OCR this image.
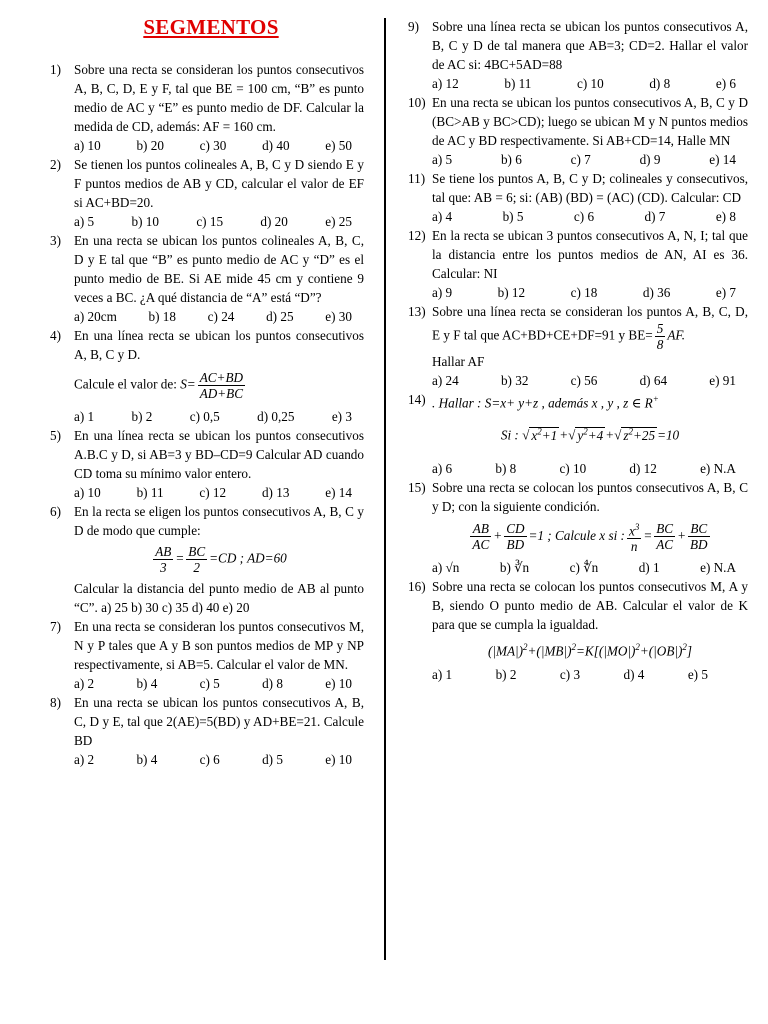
SEGMENTOS
1) Sobre una recta se consideran los puntos consecutivos A, B, C, D, E y F, tal que BE = 100 cm, “B” es punto medio de AC y “E” es punto medio de DF. Calcular la medida de CD, además: AF = 160 cm.

a) 10	b) 20	c) 30	d) 40	e) 50
2) Se tienen los puntos colineales A, B, C y D siendo E y F puntos medios de AB y CD, calcular el valor de EF si AC+BD=20.

a) 5	b) 10	c) 15	d) 20	e) 25
3) En una recta se ubican los puntos colineales A, B, C, D y E tal que “B” es punto medio de AC y “D” es el punto medio de BE. Si AE mide 45 cm y contiene 9 veces a BC. ¿A qué distancia de “A” está “D”?

a) 20cm b) 18 c) 24 d) 25 e) 30
4) En una línea recta se ubican los puntos consecutivos A, B, C y D.

Calcule el valor de: $S= \frac{AC+BD}{AD+BC}$

a) 1	b) 2	c) 0,5	d) 0,25	e) 3
5) En una línea recta se ubican los puntos consecutivos A.B.C y D, si AB=3 y BD–CD=9 Calcular AD cuando CD toma su mínimo valor entero.

a) 10	b) 11	c) 12	d) 13	e) 14
6) En la recta se eligen los puntos consecutivos A, B, C y D de modo que cumple:

$\frac{AB}{3} = \frac{BC}{2} =CD$ ; AD=60

Calcular la distancia del punto medio de AB al punto “C”. a) 25 b) 30 c) 35 d) 40 e) 20

7) En una recta se consideran los puntos consecutivos M, N y P tales que A y B son puntos medios de MP y NP respectivamente, si AB=5. Calcular el valor de MN.

a) 2	b) 4	c) 5	d) 8	e) 10
8) En una recta se ubican los puntos consecutivos A, B, C, D y E, tal que 2(AE)=5(BD) y AD+BE=21. Calcule BD

a) 2	b) 4	c) 6	d) 5	e) 10
9) Sobre una línea recta se ubican los puntos consecutivos A, B, C y D de tal manera que AB=3; CD=2. Hallar el valor de AC si: 4BC+5AD=88

a) 12	b) 11	c) 10	d) 8	e) 6
10) En una recta se ubican los puntos consecutivos A, B, C y D (BC>AB y BC>CD); luego se ubican M y N puntos medios de AC y BD respectivamente. Si AB+CD=14, Halle MN

a) 5	b) 6	c) 7	d) 9	e) 14
11) Se tiene los puntos A, B, C y D; colineales y consecutivos, tal que: AB = 6; si: (AB) (BD) = (AC) (CD). Calcular: CD

a) 4	b) 5	c) 6	d) 7	e) 8
12) En la recta se ubican 3 puntos consecutivos A, N, I; tal que la distancia entre los puntos medios de AN, AI es 36. Calcular: NI

a) 9	b) 12	c) 18	d) 36	e) 7
13) Sobre una línea recta se consideran los puntos A, B, C, D, E y F tal que AC+BD+CE+DF=91 y $BE= \frac{5}{8}$ AF.

Hallar AF

a) 24	b) 32	c) 56	d) 64	e) 91
14) . Hallar : S=x+ y+z , además x , y , z ∈ R+

Si : √ $x^2+1$ +√ $y^2+4$ +√ $z^2+25 =10$
a) 6	b) 8	c) 10	d) 12	e) N.A
15) Sobre una recta se colocan los puntos consecutivos A, B, C y D; con la siguiente condición.

$\frac{AB}{AC} + \frac{CD}{BD} =1$ ; Calcule x si : $\frac{x^3}{n} = \frac{BC}{AC} + \frac{BC}{BD}$
a) √n	b) ∛n	c) ∜n	d) 1	e) N.A
16) Sobre una recta se colocan los puntos consecutivos M, A y B, siendo O punto medio de AB. Calcular el valor de K para que se cumpla la igualdad.

$(|MA|)^2+(|MB|)^2=K[(|MO|)^2+(|OB|)^2]$
a) 1	b) 2	c) 3	d) 4	e) 5
